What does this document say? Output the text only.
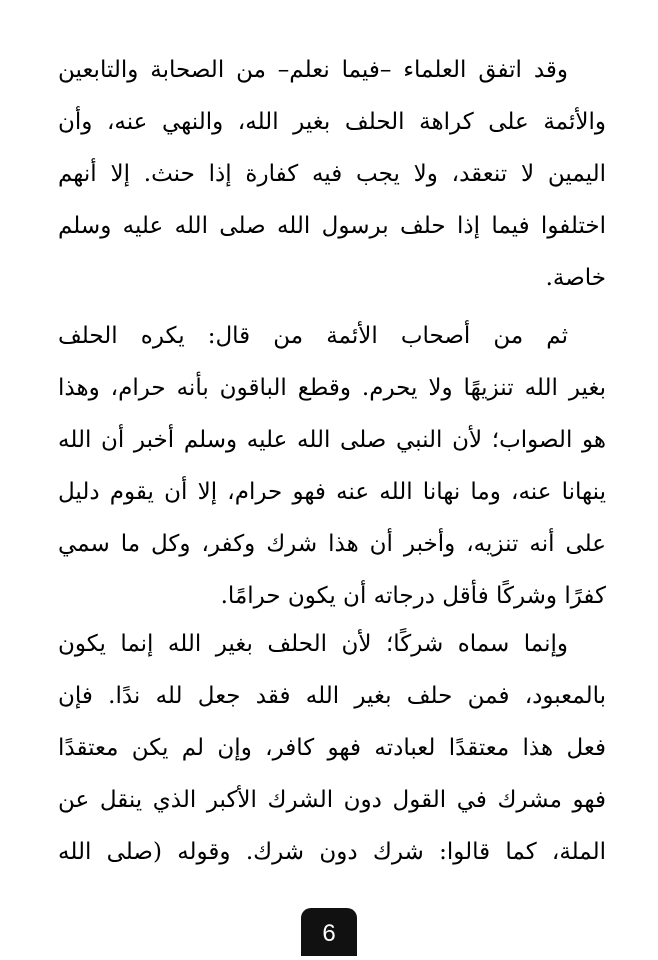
وقد اتفق العلماء –فيما نعلم– من الصحابة والتابعين
والأئمة على كراهة الحلف بغير الله، والنهي عنه، وأن
اليمين لا تنعقد، ولا يجب فيه كفارة إذا حنث. إلا أنهم
اختلفوا فيما إذا حلف برسول الله صلى الله عليه وسلم
خاصة.
ثم من أصحاب الأئمة من قال: يكره الحلف
بغير الله تنزيهًا ولا يحرم. وقطع الباقون بأنه حرام، وهذا
هو الصواب؛ لأن النبي صلى الله عليه وسلم أخبر أن الله
ينهانا عنه، وما نهانا الله عنه فهو حرام، إلا أن يقوم دليل
على أنه تنزيه، وأخبر أن هذا شرك وكفر، وكل ما سمي
كفرًا وشركًا فأقل درجاته أن يكون حرامًا.
وإنما سماه شركًا؛ لأن الحلف بغير الله إنما يكون
بالمعبود، فمن حلف بغير الله فقد جعل لله ندًا. فإن
فعل هذا معتقدًا لعبادته فهو كافر، وإن لم يكن معتقدًا
فهو مشرك في القول دون الشرك الأكبر الذي ينقل عن
الملة، كما قالوا: شرك دون شرك. وقوله (صلى الله
6
